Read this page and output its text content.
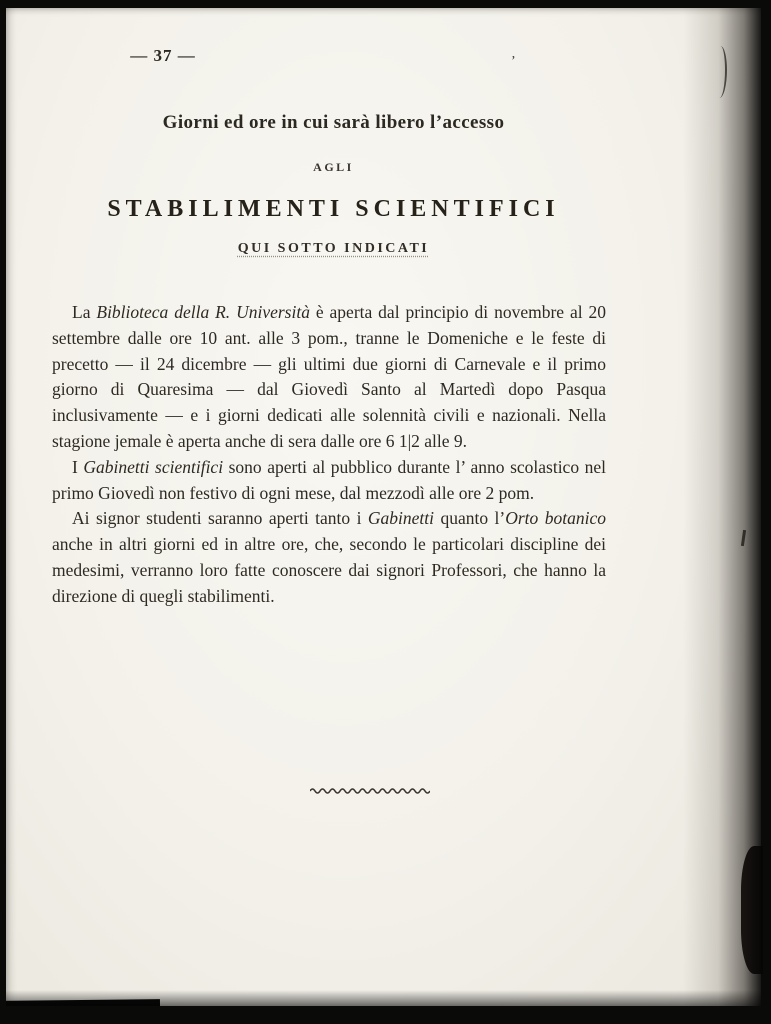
— 37 —	’
Giorni ed ore in cui sarà libero l’accesso
AGLI
STABILIMENTI SCIENTIFICI
QUI SOTTO INDICATI

La Biblioteca della R. Università è aperta dal principio di novembre al 20 settembre dalle ore 10 ant. alle 3 pom., tranne le Domeniche e le feste di precetto — il 24 dicembre — gli ultimi due giorni di Carnevale e il primo giorno di Quaresima — dal Giovedì Santo al Martedì dopo Pasqua inclusivamente — e i giorni dedicati alle solennità civili e nazionali. Nella stagione jemale è aperta anche di sera dalle ore 6 1|2 alle 9.

I Gabinetti scientifici sono aperti al pubblico durante l’ anno scolastico nel primo Giovedì non festivo di ogni mese, dal mezzodì alle ore 2 pom.

Ai signor studenti saranno aperti tanto i Gabinetti quanto l’Orto botanico anche in altri giorni ed in altre ore, che, secondo le particolari discipline dei medesimi, verranno loro fatte conoscere dai signori Professori, che hanno la direzione di quegli stabilimenti.
